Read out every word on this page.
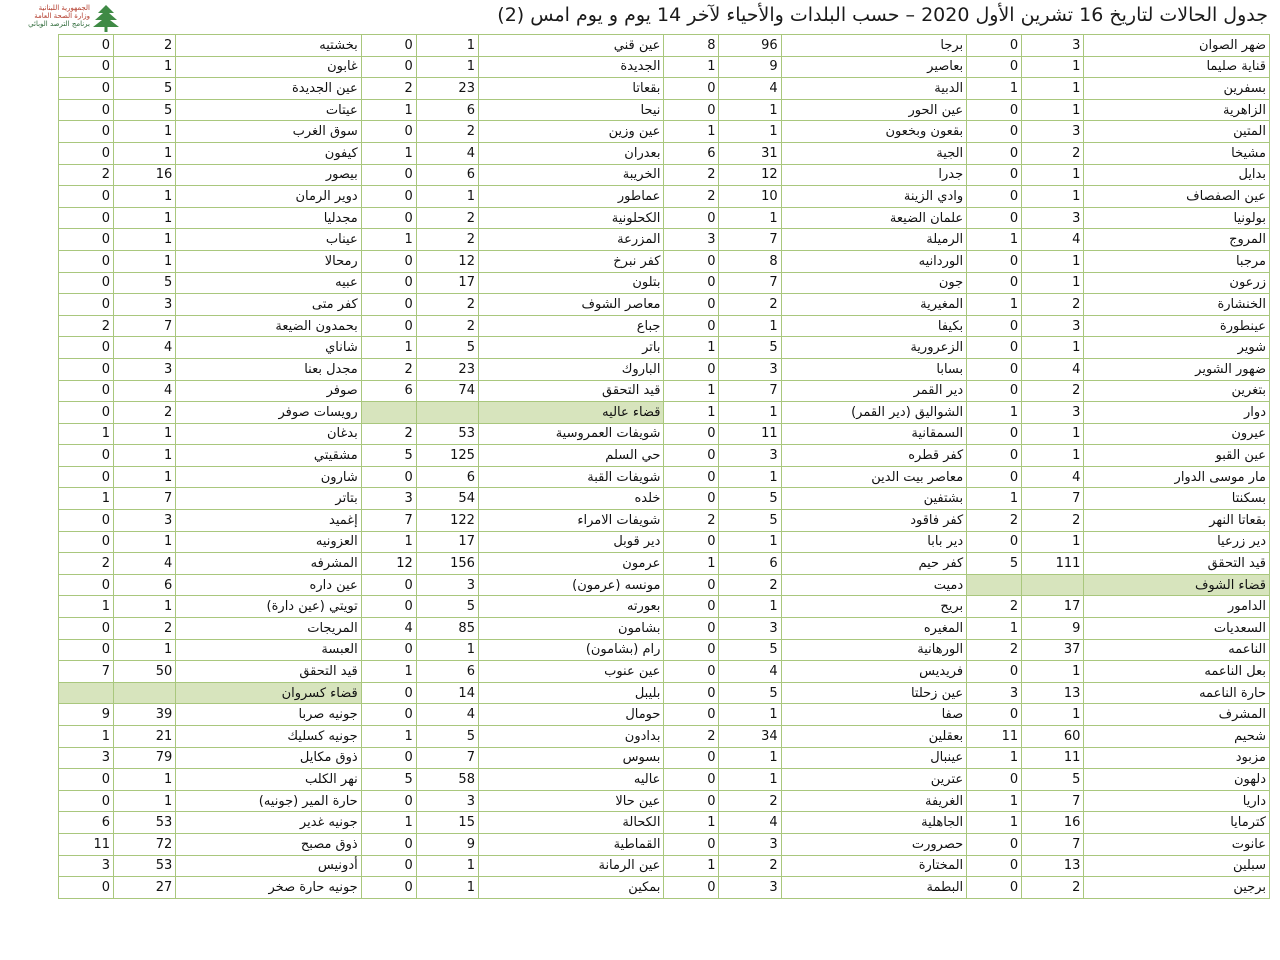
الجمهورية اللبنانية
وزارة الصحة العامة
برنامج الترصد الوبائي	جدول الحالات لتاريخ 16 تشرين الأول 2020 – حسب البلدات والأحياء لآخر 14 يوم و يوم امس (2)
0	2	بخشتيه	0	1	عين قني	8	96	برجا	0	3	ضهر الصوان
0	1	غابون	0	1	الجديدة	1	9	بعاصير	0	1	قناية صليما
0	5	عين الجديدة	2	23	بقعاتا	0	4	الدبية	1	1	بسفرين
0	5	عيتات	1	6	نيحا	0	1	عين الحور	0	1	الزاهرية
0	1	سوق الغرب	0	2	عين وزين	1	1	بقعون وبخعون	0	3	المتين
0	1	كيفون	1	4	بعدران	6	31	الجية	0	2	مشيخا
2	16	بيصور	0	6	الخريبة	2	12	جدرا	0	1	بدايل
0	1	دوير الرمان	0	1	عماطور	2	10	وادي الزينة	0	1	عين الصفصاف
0	1	مجدليا	0	2	الكحلونية	0	1	علمان الضيعة	0	3	بولونيا
0	1	عيناب	1	2	المزرعة	3	7	الرميلة	1	4	المروج
0	1	رمحالا	0	12	كفر نبرخ	0	8	الوردانيه	0	1	مرجبا
0	5	عبيه	0	17	بتلون	0	7	جون	0	1	زرعون
0	3	كفر متى	0	2	معاصر الشوف	0	2	المغيرية	1	2	الخنشارة
2	7	بحمدون الضيعة	0	2	جباع	0	1	بكيفا	0	3	عينطورة
0	4	شاناي	1	5	باتر	1	5	الزعرورية	0	1	شوير
0	3	مجدل بعنا	2	23	الباروك	0	3	بسابا	0	4	ضهور الشوير
0	4	صوفر	6	74	قيد التحقق	1	7	دير القمر	0	2	بتغرين
0	2	رويسات صوفر			قضاء عاليه	1	1	الشواليق (دير القمر)	1	3	دوار
1	1	بدغان	2	53	شويفات العمروسية	0	11	السمقانية	0	1	عيرون
0	1	مشقيتي	5	125	حي السلم	0	3	كفر قطره	0	1	عين القبو
0	1	شارون	0	6	شويفات القبة	0	1	معاصر بيت الدين	0	4	مار موسى الدوار
1	7	بتاتر	3	54	خلده	0	5	بشتفين	1	7	بسكنتا
0	3	إغميد	7	122	شويفات الامراء	2	5	كفر فاقود	2	2	بقعاتا النهر
0	1	العزونيه	1	17	دير قوبل	0	1	دير بابا	0	1	دير زرعيا
2	4	المشرفه	12	156	عرمون	1	6	كفر حيم	5	111	قيد التحقق
0	6	عين داره	0	3	مونسه (عرمون)	0	2	دميت			قضاء الشوف
1	1	تويتي (عين دارة)	0	5	بعورته	0	1	بريح	2	17	الدامور
0	2	المريجات	4	85	بشامون	0	3	المغيره	1	9	السعديات
0	1	العبسة	0	1	رام (بشامون)	0	5	الورهانية	2	37	الناعمه
7	50	قيد التحقق	1	6	عين عنوب	0	4	فريديس	0	1	بعل الناعمه
		قضاء كسروان	0	14	بليبل	0	5	عين زحلتا	3	13	حارة الناعمه
9	39	جونيه صربا	0	4	حومال	0	1	صفا	0	1	المشرف
1	21	جونيه كسليك	1	5	بدادون	2	34	بعقلين	11	60	شحيم
3	79	ذوق مكايل	0	7	بسوس	0	1	عينبال	1	11	مزبود
0	1	نهر الكلب	5	58	عاليه	0	1	عترين	0	5	دلهون
0	1	حارة المير (جونيه)	0	3	عين حالا	0	2	الغريفة	1	7	داريا
6	53	جونيه غدير	1	15	الكحالة	1	4	الجاهلية	1	16	كترمايا
11	72	ذوق مصبح	0	9	القماطية	0	3	حصرورت	0	7	عانوت
3	53	أدونيس	0	1	عين الرمانة	1	2	المختارة	0	13	سبلين
0	27	جونيه حارة صخر	0	1	بمكين	0	3	البطمة	0	2	برجين
